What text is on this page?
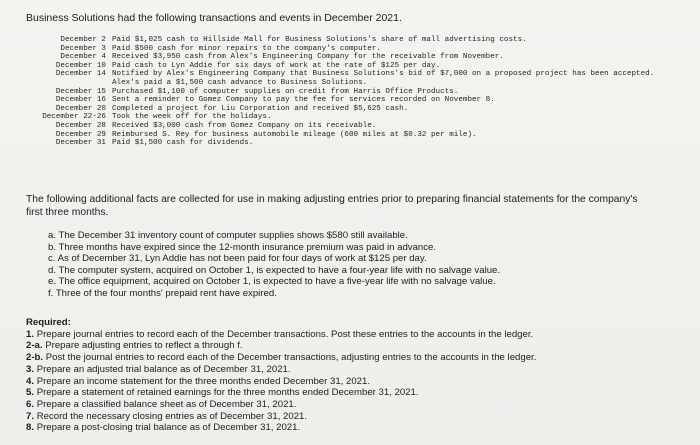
Business Solutions had the following transactions and events in December 2021.

December 2 Paid $1,025 cash to Hillside Mall for Business Solutions's share of mall advertising costs.
December 3 Paid $500 cash for minor repairs to the company's computer.
December 4 Received $3,950 cash from Alex's Engineering Company for the receivable from November.
December 10 Paid cash to Lyn Addie for six days of work at the rate of $125 per day.
December 14 Notified by Alex's Engineering Company that Business Solutions's bid of $7,000 on a proposed project has been accepted. Alex's paid a $1,500 cash advance to Business Solutions.
December 15 Purchased $1,100 of computer supplies on credit from Harris Office Products.
December 16 Sent a reminder to Gomez Company to pay the fee for services recorded on November 8.
December 20 Completed a project for Liu Corporation and received $5,625 cash.
December 22-26 Took the week off for the holidays.
December 28 Received $3,000 cash from Gomez Company on its receivable.
December 29 Reimbursed S. Rey for business automobile mileage (600 miles at $0.32 per mile).
December 31 Paid $1,500 cash for dividends.

The following additional facts are collected for use in making adjusting entries prior to preparing financial statements for the company's first three months.

a. The December 31 inventory count of computer supplies shows $580 still available.
b. Three months have expired since the 12-month insurance premium was paid in advance.
c. As of December 31, Lyn Addie has not been paid for four days of work at $125 per day.
d. The computer system, acquired on October 1, is expected to have a four-year life with no salvage value.
e. The office equipment, acquired on October 1, is expected to have a five-year life with no salvage value.
f. Three of the four months' prepaid rent have expired.

Required:

1. Prepare journal entries to record each of the December transactions. Post these entries to the accounts in the ledger.
2-a. Prepare adjusting entries to reflect a through f.
2-b. Post the journal entries to record each of the December transactions, adjusting entries to the accounts in the ledger.
3. Prepare an adjusted trial balance as of December 31, 2021.
4. Prepare an income statement for the three months ended December 31, 2021.
5. Prepare a statement of retained earnings for the three months ended December 31, 2021.
6. Prepare a classified balance sheet as of December 31, 2021.
7. Record the necessary closing entries as of December 31, 2021.
8. Prepare a post-closing trial balance as of December 31, 2021.
